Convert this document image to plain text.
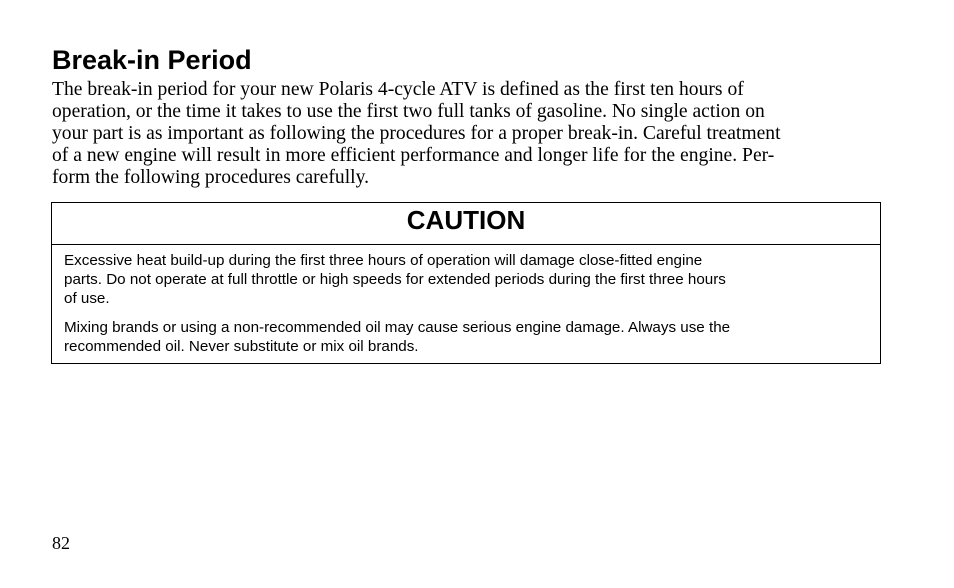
Break-in Period

The break-in period for your new Polaris 4-cycle ATV is defined as the first ten hours of
operation, or the time it takes to use the first two full tanks of gasoline. No single action on
your part is as important as following the procedures for a proper break-in. Careful treatment
of a new engine will result in more efficient performance and longer life for the engine. Per-
form the following procedures carefully.

CAUTION

Excessive heat build-up during the first three hours of operation will damage close-fitted engine
parts. Do not operate at full throttle or high speeds for extended periods during the first three hours
of use.

Mixing brands or using a non-recommended oil may cause serious engine damage. Always use the
recommended oil. Never substitute or mix oil brands.

82
